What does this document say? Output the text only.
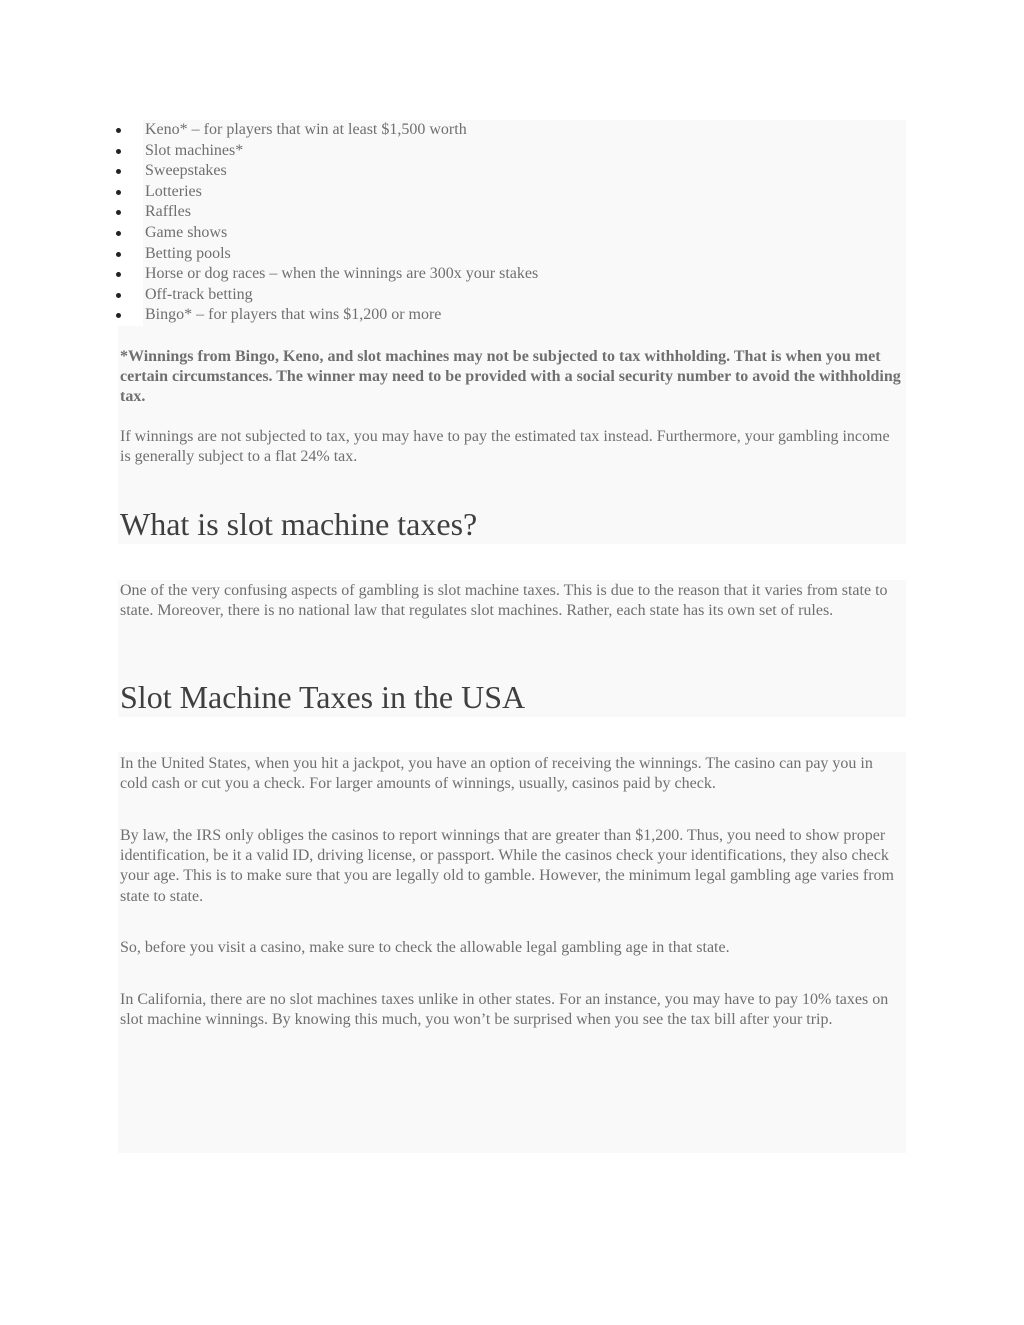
Keno* – for players that win at least $1,500 worth
Slot machines*
Sweepstakes
Lotteries
Raffles
Game shows
Betting pools
Horse or dog races – when the winnings are 300x your stakes
Off-track betting
Bingo* – for players that wins $1,200 or more

*Winnings from Bingo, Keno, and slot machines may not be subjected to tax withholding. That is when you met certain circumstances. The winner may need to be provided with a social security number to avoid the withholding tax.

If winnings are not subjected to tax, you may have to pay the estimated tax instead. Furthermore, your gambling income is generally subject to a flat 24% tax.

What is slot machine taxes?

One of the very confusing aspects of gambling is slot machine taxes. This is due to the reason that it varies from state to state. Moreover, there is no national law that regulates slot machines. Rather, each state has its own set of rules.

Slot Machine Taxes in the USA

In the United States, when you hit a jackpot, you have an option of receiving the winnings. The casino can pay you in cold cash or cut you a check. For larger amounts of winnings, usually, casinos paid by check.

By law, the IRS only obliges the casinos to report winnings that are greater than $1,200. Thus, you need to show proper identification, be it a valid ID, driving license, or passport. While the casinos check your identifications, they also check your age. This is to make sure that you are legally old to gamble. However, the minimum legal gambling age varies from state to state.

So, before you visit a casino, make sure to check the allowable legal gambling age in that state.

In California, there are no slot machines taxes unlike in other states. For an instance, you may have to pay 10% taxes on slot machine winnings. By knowing this much, you won’t be surprised when you see the tax bill after your trip.
